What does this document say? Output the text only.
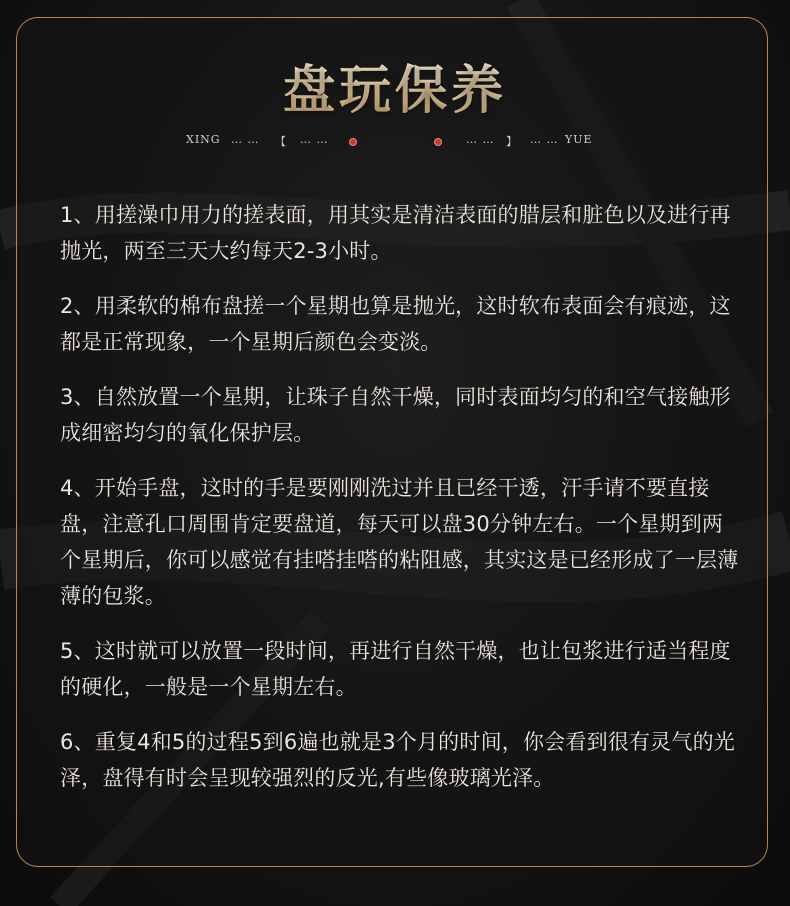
盘玩保养
XING … … 【 … …	… … 】 … … YUE

1、用搓澡巾用力的搓表面，用其实是清洁表面的腊层和脏色以及进行再抛光，两至三天大约每天2-3小时。

2、用柔软的棉布盘搓一个星期也算是抛光，这时软布表面会有痕迹，这都是正常现象，一个星期后颜色会变淡。

3、自然放置一个星期，让珠子自然干燥，同时表面均匀的和空气接触形成细密均匀的氧化保护层。

4、开始手盘，这时的手是要刚刚洗过并且已经干透，汗手请不要直接盘，注意孔口周围肯定要盘道，每天可以盘30分钟左右。一个星期到两个星期后，你可以感觉有挂嗒挂嗒的粘阻感，其实这是已经形成了一层薄薄的包浆。

5、这时就可以放置一段时间，再进行自然干燥，也让包浆进行适当程度的硬化，一般是一个星期左右。

6、重复4和5的过程5到6遍也就是3个月的时间，你会看到很有灵气的光泽，盘得有时会呈现较强烈的反光,有些像玻璃光泽。
